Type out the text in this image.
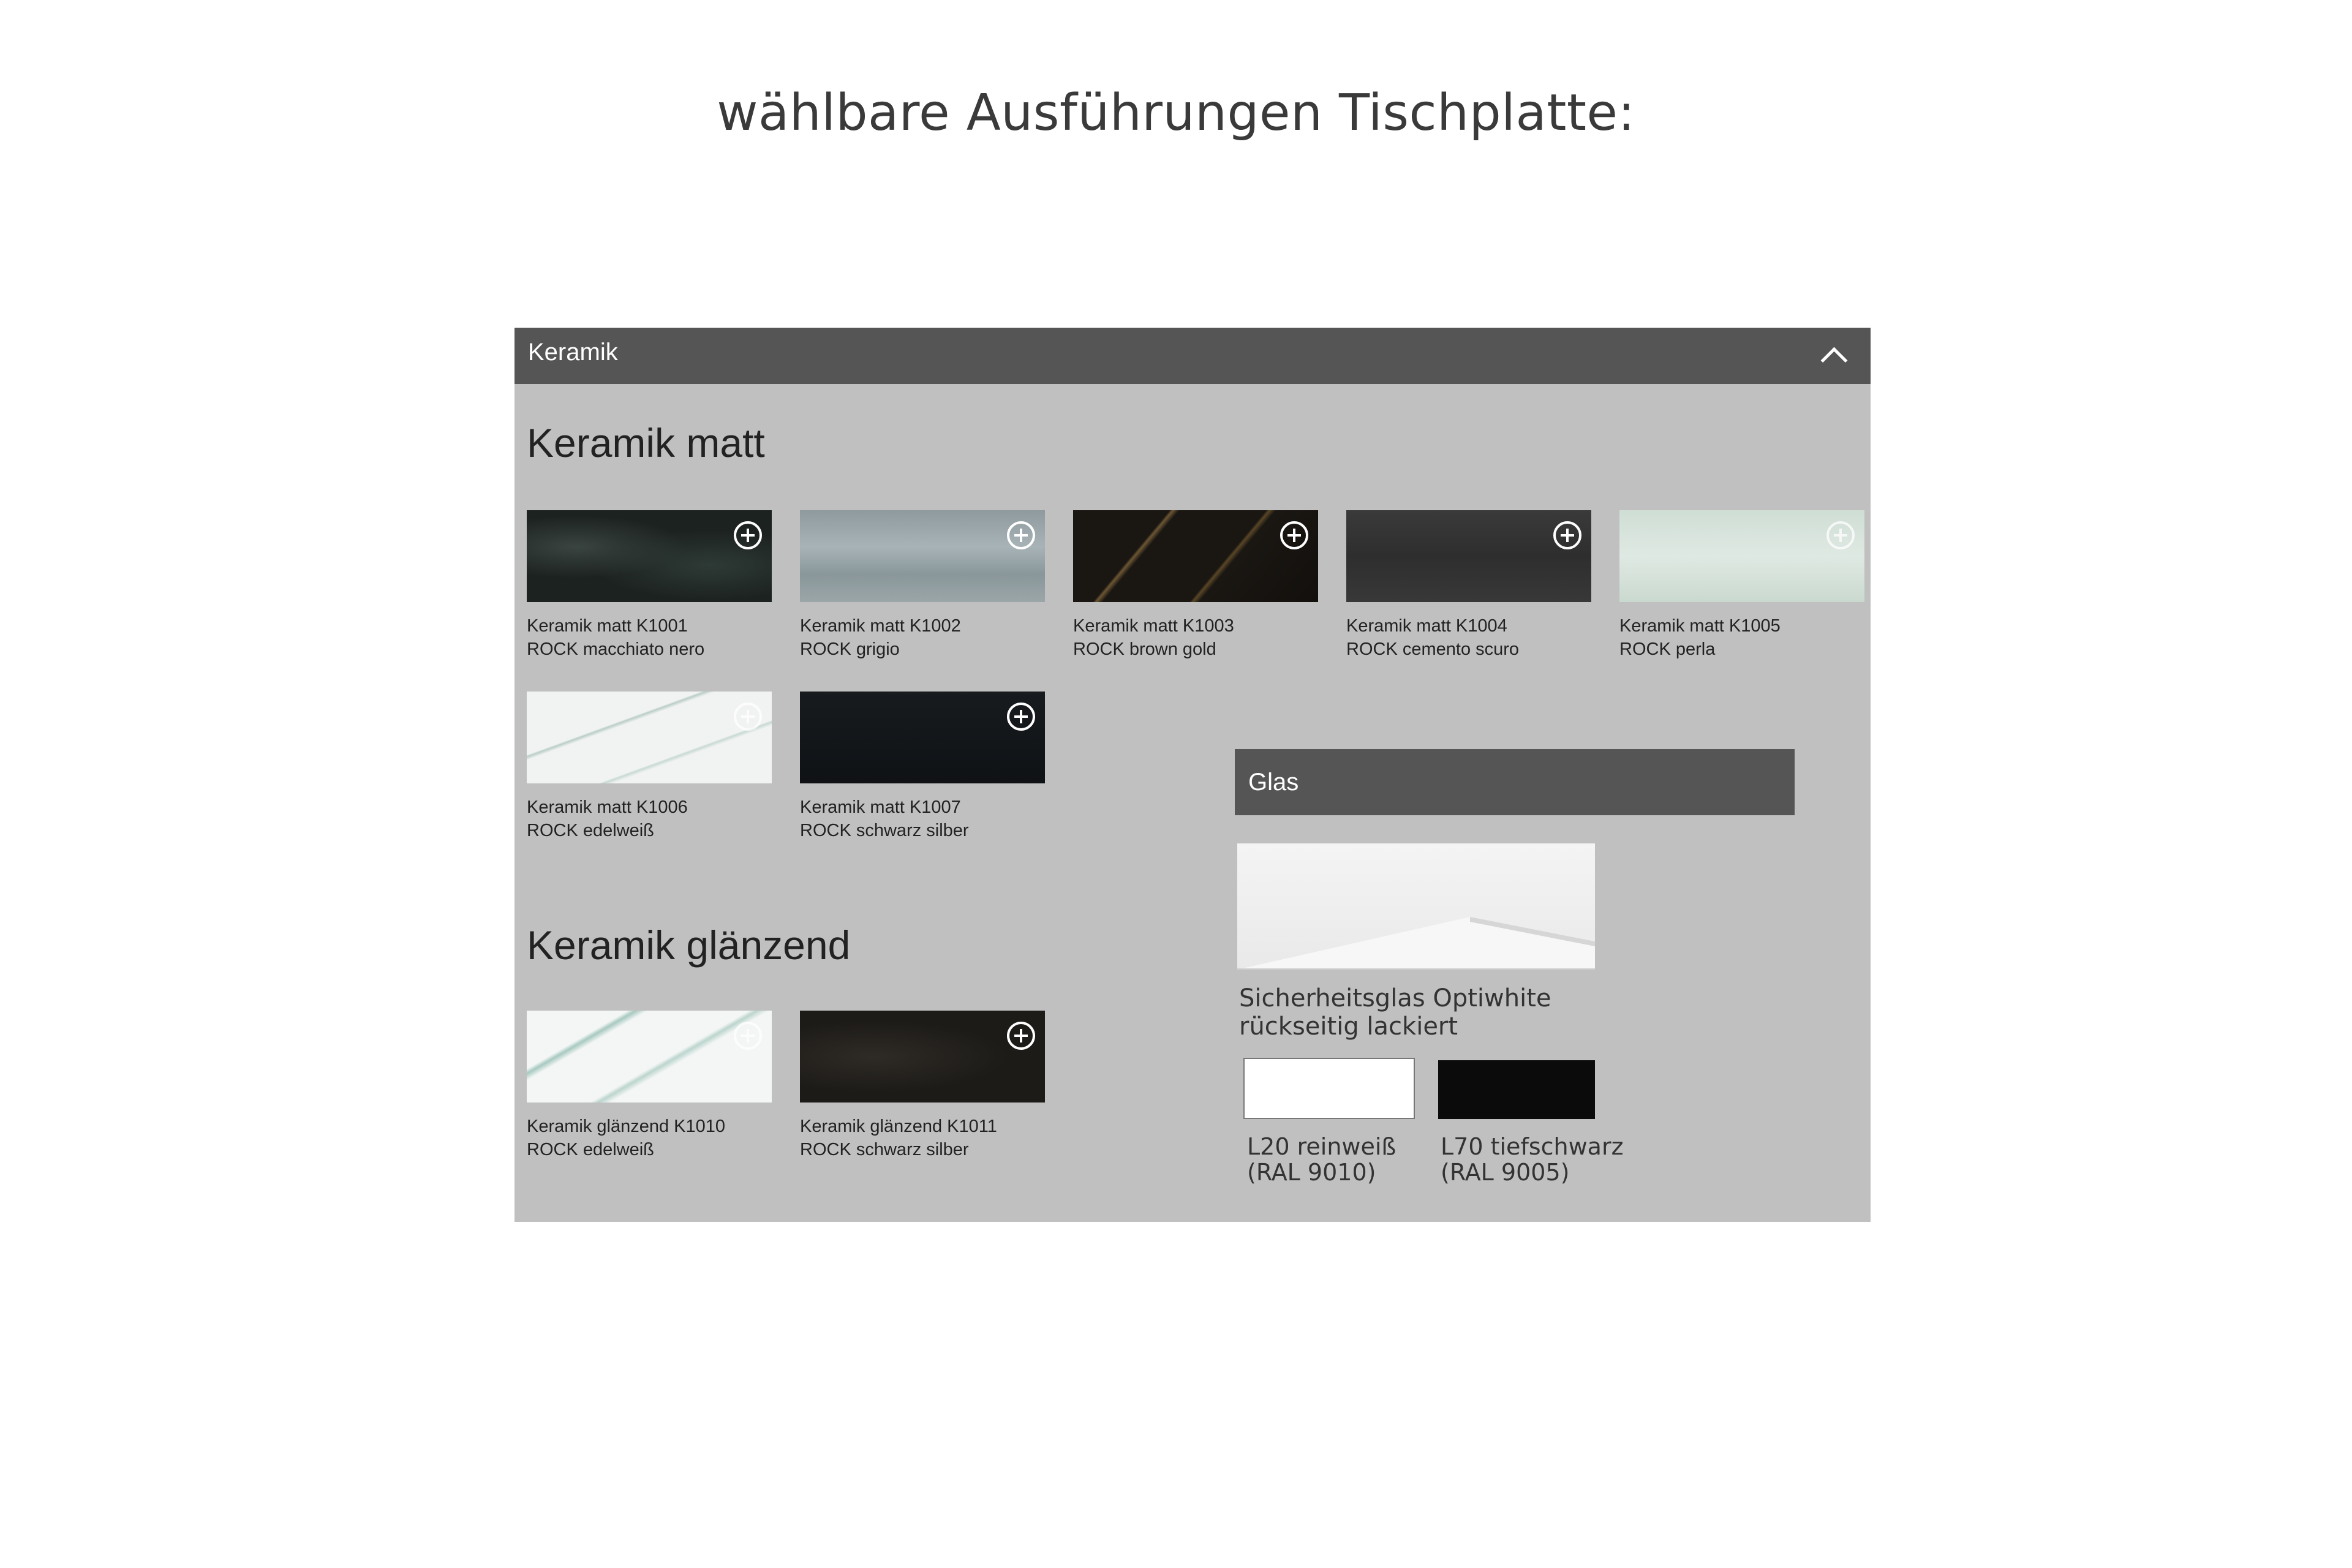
wählbare Ausführungen Tischplatte:
Keramik
Keramik matt
Keramik matt K1001
ROCK macchiato nero
Keramik matt K1002
ROCK grigio
Keramik matt K1003
ROCK brown gold
Keramik matt K1004
ROCK cemento scuro
Keramik matt K1005
ROCK perla
Keramik matt K1006
ROCK edelweiß
Keramik matt K1007
ROCK schwarz silber
Keramik glänzend
Keramik glänzend K1010
ROCK edelweiß
Keramik glänzend K1011
ROCK schwarz silber
Glas
Sicherheitsglas Optiwhite
rückseitig lackiert
L20 reinweiß
(RAL 9010)
L70 tiefschwarz
(RAL 9005)
